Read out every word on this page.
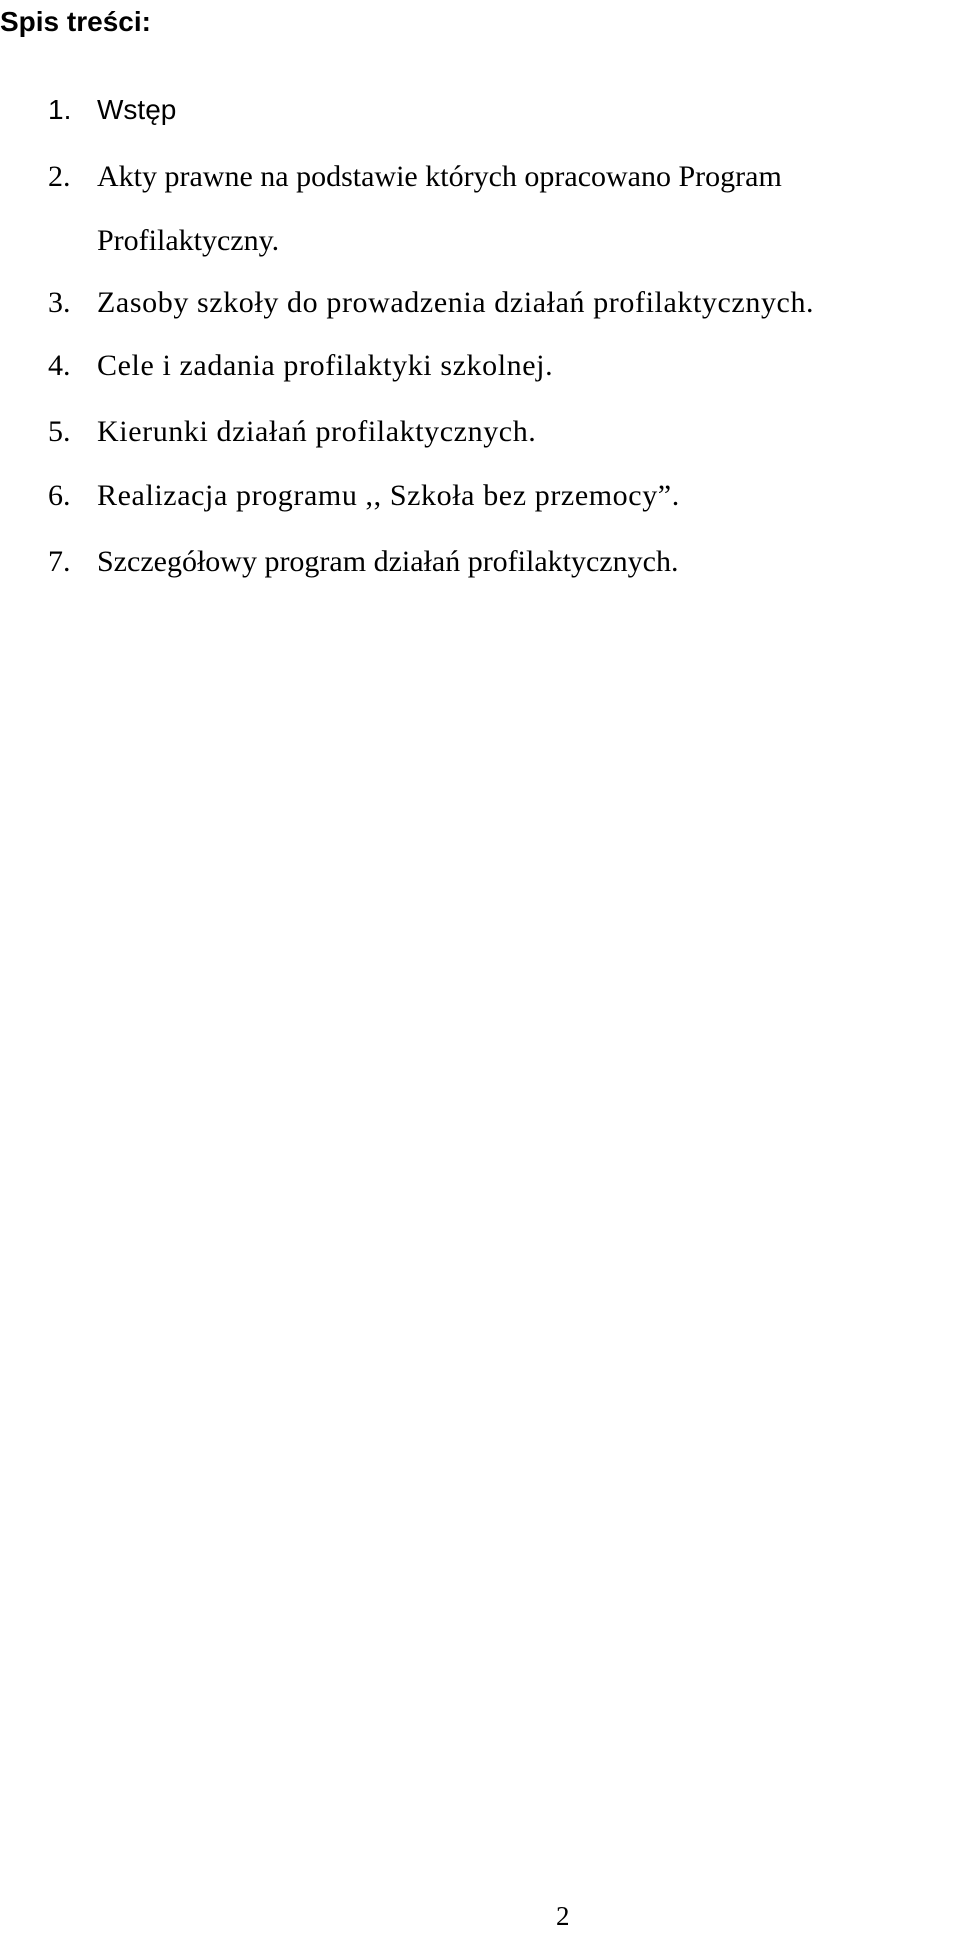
Spis treści:
1. Wstęp
2. Akty prawne na podstawie których opracowano Program Profilaktyczny.
3. Zasoby szkoły do prowadzenia działań profilaktycznych.
4. Cele i zadania profilaktyki szkolnej.
5. Kierunki działań profilaktycznych.
6. Realizacja programu ,, Szkoła bez przemocy”.
7. Szczegółowy program działań profilaktycznych.
2
